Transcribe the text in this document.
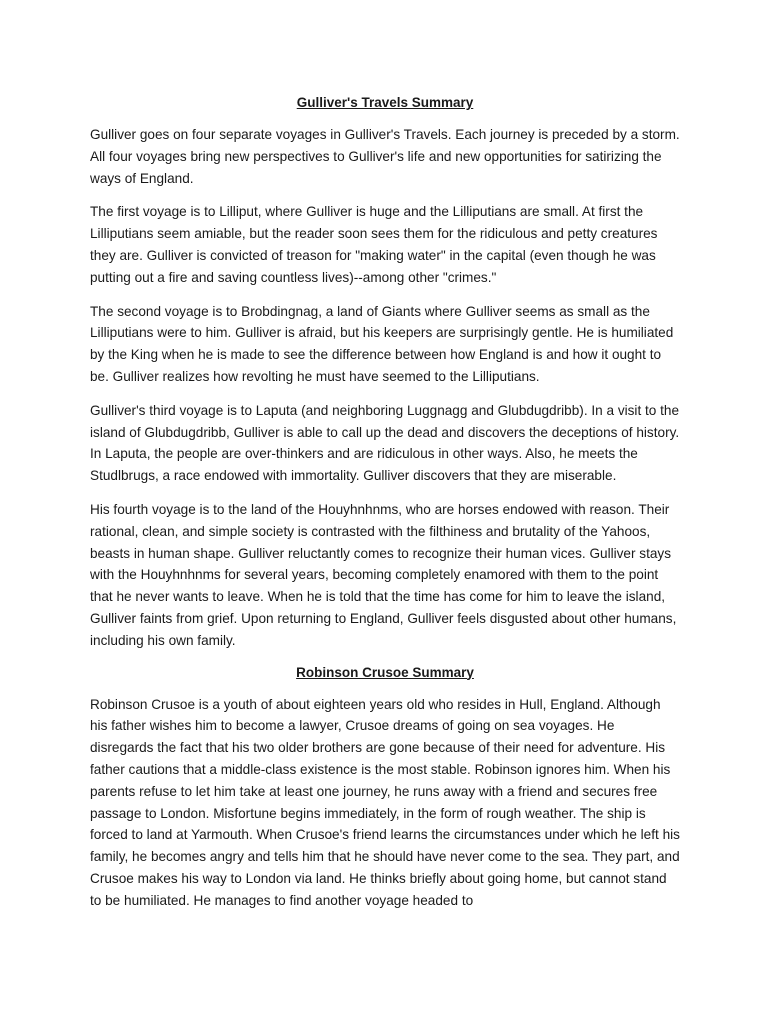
Gulliver's Travels Summary

Gulliver goes on four separate voyages in Gulliver's Travels. Each journey is preceded by a storm. All four voyages bring new perspectives to Gulliver's life and new opportunities for satirizing the ways of England.

The first voyage is to Lilliput, where Gulliver is huge and the Lilliputians are small. At first the Lilliputians seem amiable, but the reader soon sees them for the ridiculous and petty creatures they are. Gulliver is convicted of treason for "making water" in the capital (even though he was putting out a fire and saving countless lives)--among other "crimes."

The second voyage is to Brobdingnag, a land of Giants where Gulliver seems as small as the Lilliputians were to him. Gulliver is afraid, but his keepers are surprisingly gentle. He is humiliated by the King when he is made to see the difference between how England is and how it ought to be. Gulliver realizes how revolting he must have seemed to the Lilliputians.

Gulliver's third voyage is to Laputa (and neighboring Luggnagg and Glubdugdribb). In a visit to the island of Glubdugdribb, Gulliver is able to call up the dead and discovers the deceptions of history. In Laputa, the people are over-thinkers and are ridiculous in other ways. Also, he meets the Studlbrugs, a race endowed with immortality. Gulliver discovers that they are miserable.

His fourth voyage is to the land of the Houyhnhnms, who are horses endowed with reason. Their rational, clean, and simple society is contrasted with the filthiness and brutality of the Yahoos, beasts in human shape. Gulliver reluctantly comes to recognize their human vices. Gulliver stays with the Houyhnhnms for several years, becoming completely enamored with them to the point that he never wants to leave. When he is told that the time has come for him to leave the island, Gulliver faints from grief. Upon returning to England, Gulliver feels disgusted about other humans, including his own family.

Robinson Crusoe Summary

Robinson Crusoe is a youth of about eighteen years old who resides in Hull, England. Although his father wishes him to become a lawyer, Crusoe dreams of going on sea voyages. He disregards the fact that his two older brothers are gone because of their need for adventure. His father cautions that a middle-class existence is the most stable. Robinson ignores him. When his parents refuse to let him take at least one journey, he runs away with a friend and secures free passage to London. Misfortune begins immediately, in the form of rough weather. The ship is forced to land at Yarmouth. When Crusoe's friend learns the circumstances under which he left his family, he becomes angry and tells him that he should have never come to the sea. They part, and Crusoe makes his way to London via land. He thinks briefly about going home, but cannot stand to be humiliated. He manages to find another voyage headed to
